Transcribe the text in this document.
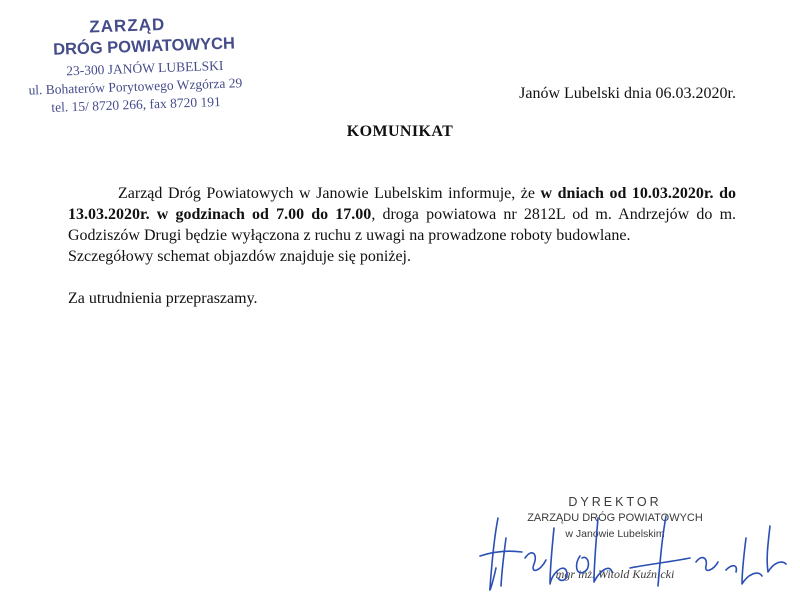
ZARZĄD
DRÓG POWIATOWYCH
23-300 JANÓW LUBELSKI
ul. Bohaterów Porytowego Wzgórza 29
tel. 15/ 8720 266, fax 8720 191
Janów Lubelski dnia 06.03.2020r.
KOMUNIKAT

Zarząd Dróg Powiatowych w Janowie Lubelskim informuje, że w dniach od 10.03.2020r. do 13.03.2020r. w godzinach od 7.00 do 17.00, droga powiatowa nr 2812L od m. Andrzejów do m. Godziszów Drugi będzie wyłączona z ruchu z uwagi na prowadzone roboty budowlane.

Szczegółowy schemat objazdów znajduje się poniżej.

Za utrudnienia przepraszamy.

DYREKTOR
ZARZĄDU DRÓG POWIATOWYCH
w Janowie Lubelskim
mgr inż. Witold Kuźnicki
